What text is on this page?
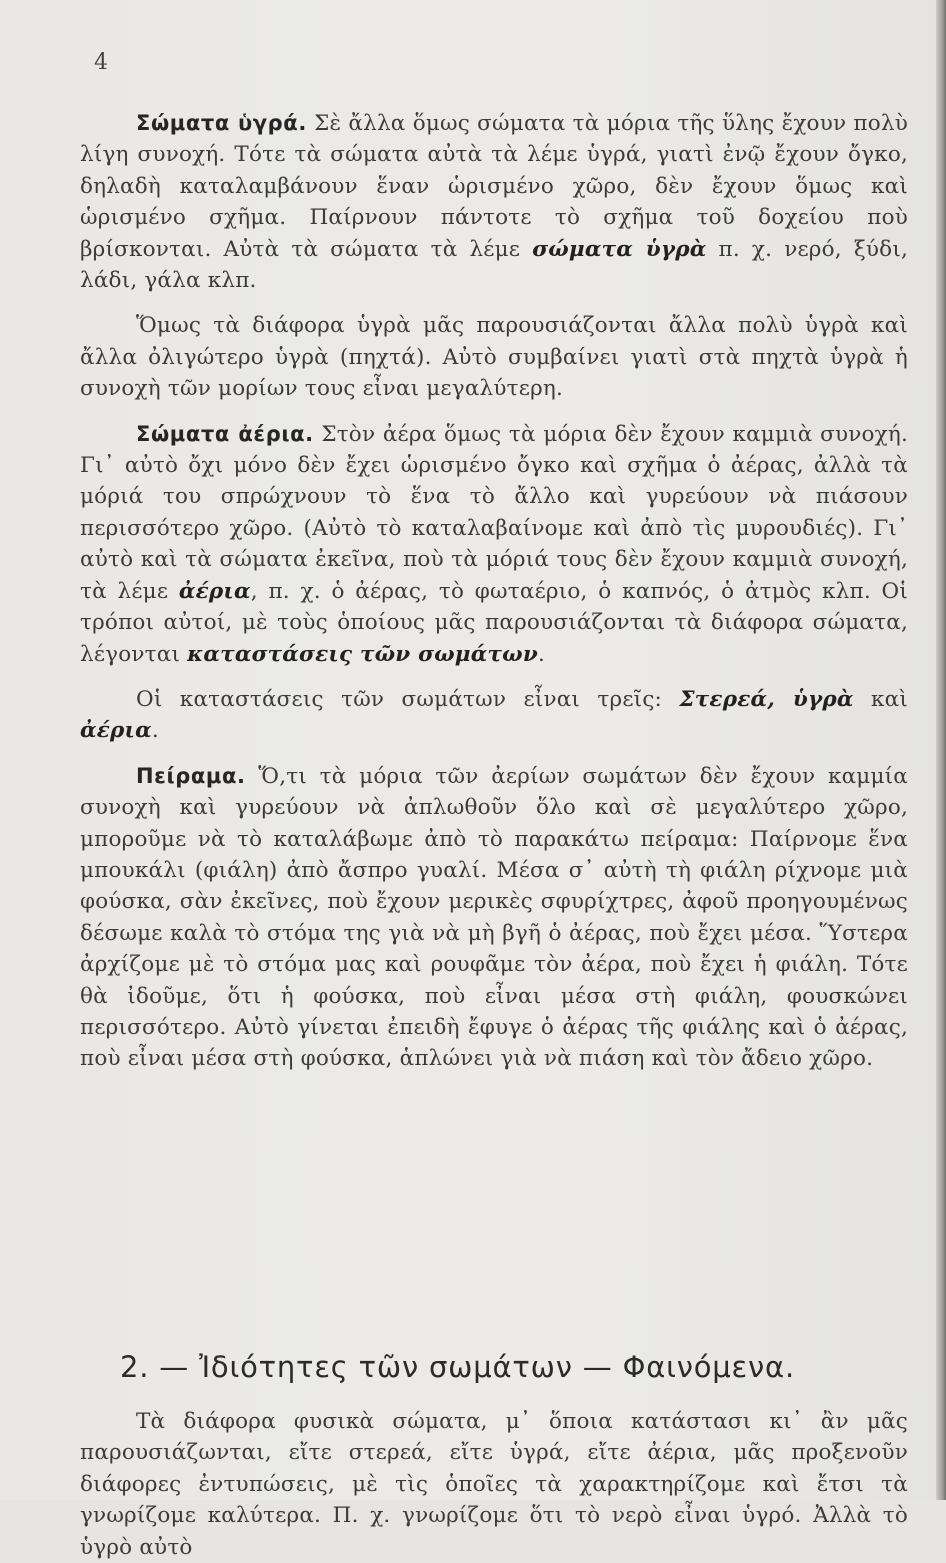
4

Σώματα ὑγρά. Σὲ ἄλλα ὅμως σώματα τὰ μόρια τῆς ὕλης ἔχουν πολὺ λίγη συνοχή. Τότε τὰ σώματα αὐτὰ τὰ λέμε ὑγρά, γιατὶ ἐνῷ ἔχουν ὄγκο, δηλαδὴ καταλαμβάνουν ἕναν ὡρισμένο χῶρο, δὲν ἔχουν ὅμως καὶ ὡρισμένο σχῆμα. Παίρνουν πάντοτε τὸ σχῆμα τοῦ δοχείου ποὺ βρίσκονται. Αὐτὰ τὰ σώματα τὰ λέμε σώματα ὑγρὰ π. χ. νερό, ξύδι, λάδι, γάλα κλπ.

Ὅμως τὰ διάφορα ὑγρὰ μᾶς παρουσιάζονται ἄλλα πολὺ ὑγρὰ καὶ ἄλλα ὀλιγώτερο ὑγρὰ (πηχτά). Αὐτὸ συμβαίνει γιατὶ στὰ πηχτὰ ὑγρὰ ἡ συνοχὴ τῶν μορίων τους εἶναι μεγαλύτερη.

Σώματα ἀέρια. Στὸν ἀέρα ὅμως τὰ μόρια δὲν ἔχουν καμμιὰ συνοχή. Γι᾿ αὐτὸ ὄχι μόνο δὲν ἔχει ὡρισμένο ὄγκο καὶ σχῆμα ὁ ἀέρας, ἀλλὰ τὰ μόριά του σπρώχνουν τὸ ἕνα τὸ ἄλλο καὶ γυρεύουν νὰ πιάσουν περισσότερο χῶρο. (Αὐτὸ τὸ καταλαβαίνομε καὶ ἀπὸ τὶς μυρουδιές). Γι᾿ αὐτὸ καὶ τὰ σώματα ἐκεῖνα, ποὺ τὰ μόριά τους δὲν ἔχουν καμμιὰ συνοχή, τὰ λέμε ἀέρια, π. χ. ὁ ἀέρας, τὸ φωταέριο, ὁ καπνός, ὁ ἀτμὸς κλπ. Οἱ τρόποι αὐτοί, μὲ τοὺς ὁποίους μᾶς παρουσιάζονται τὰ διάφορα σώματα, λέγονται καταστάσεις τῶν σωμάτων.

Οἱ καταστάσεις τῶν σωμάτων εἶναι τρεῖς: Στερεά, ὑγρὰ καὶ ἀέρια.

Πείραμα. Ὅ,τι τὰ μόρια τῶν ἀερίων σωμάτων δὲν ἔχουν καμμία συνοχὴ καὶ γυρεύουν νὰ ἀπλωθοῦν ὅλο καὶ σὲ μεγαλύτερο χῶρο, μποροῦμε νὰ τὸ καταλάβωμε ἀπὸ τὸ παρακάτω πείραμα: Παίρνομε ἕνα μπουκάλι (φιάλη) ἀπὸ ἄσπρο γυαλί. Μέσα σ᾿ αὐτὴ τὴ φιάλη ρίχνομε μιὰ φούσκα, σὰν ἐκεῖνες, ποὺ ἔχουν μερικὲς σφυρίχτρες, ἀφοῦ προηγουμένως δέσωμε καλὰ τὸ στόμα της γιὰ νὰ μὴ βγῆ ὁ ἀέρας, ποὺ ἔχει μέσα. Ὕστερα ἀρχίζομε μὲ τὸ στόμα μας καὶ ρουφᾶμε τὸν ἀέρα, ποὺ ἔχει ἡ φιάλη. Τότε θὰ ἰδοῦμε, ὅτι ἡ φούσκα, ποὺ εἶναι μέσα στὴ φιάλη, φουσκώνει περισσότερο. Αὐτὸ γίνεται ἐπειδὴ ἔφυγε ὁ ἀέρας τῆς φιάλης καὶ ὁ ἀέρας, ποὺ εἶναι μέσα στὴ φούσκα, ἁπλώνει γιὰ νὰ πιάση καὶ τὸν ἄδειο χῶρο.

2. — Ἰδιότητες τῶν σωμάτων — Φαινόμενα.

Τὰ διάφορα φυσικὰ σώματα, μ᾿ ὅποια κατάστασι κι᾿ ἂν μᾶς παρουσιάζωνται, εἴτε στερεά, εἴτε ὑγρά, εἴτε ἀέρια, μᾶς προξενοῦν διάφορες ἐντυπώσεις, μὲ τὶς ὁποῖες τὰ χαρακτηρίζομε καὶ ἔτσι τὰ γνωρίζομε καλύτερα. Π. χ. γνωρίζομε ὅτι τὸ νερὸ εἶναι ὑγρό. Ἀλλὰ τὸ ὑγρὸ αὐτὸ
